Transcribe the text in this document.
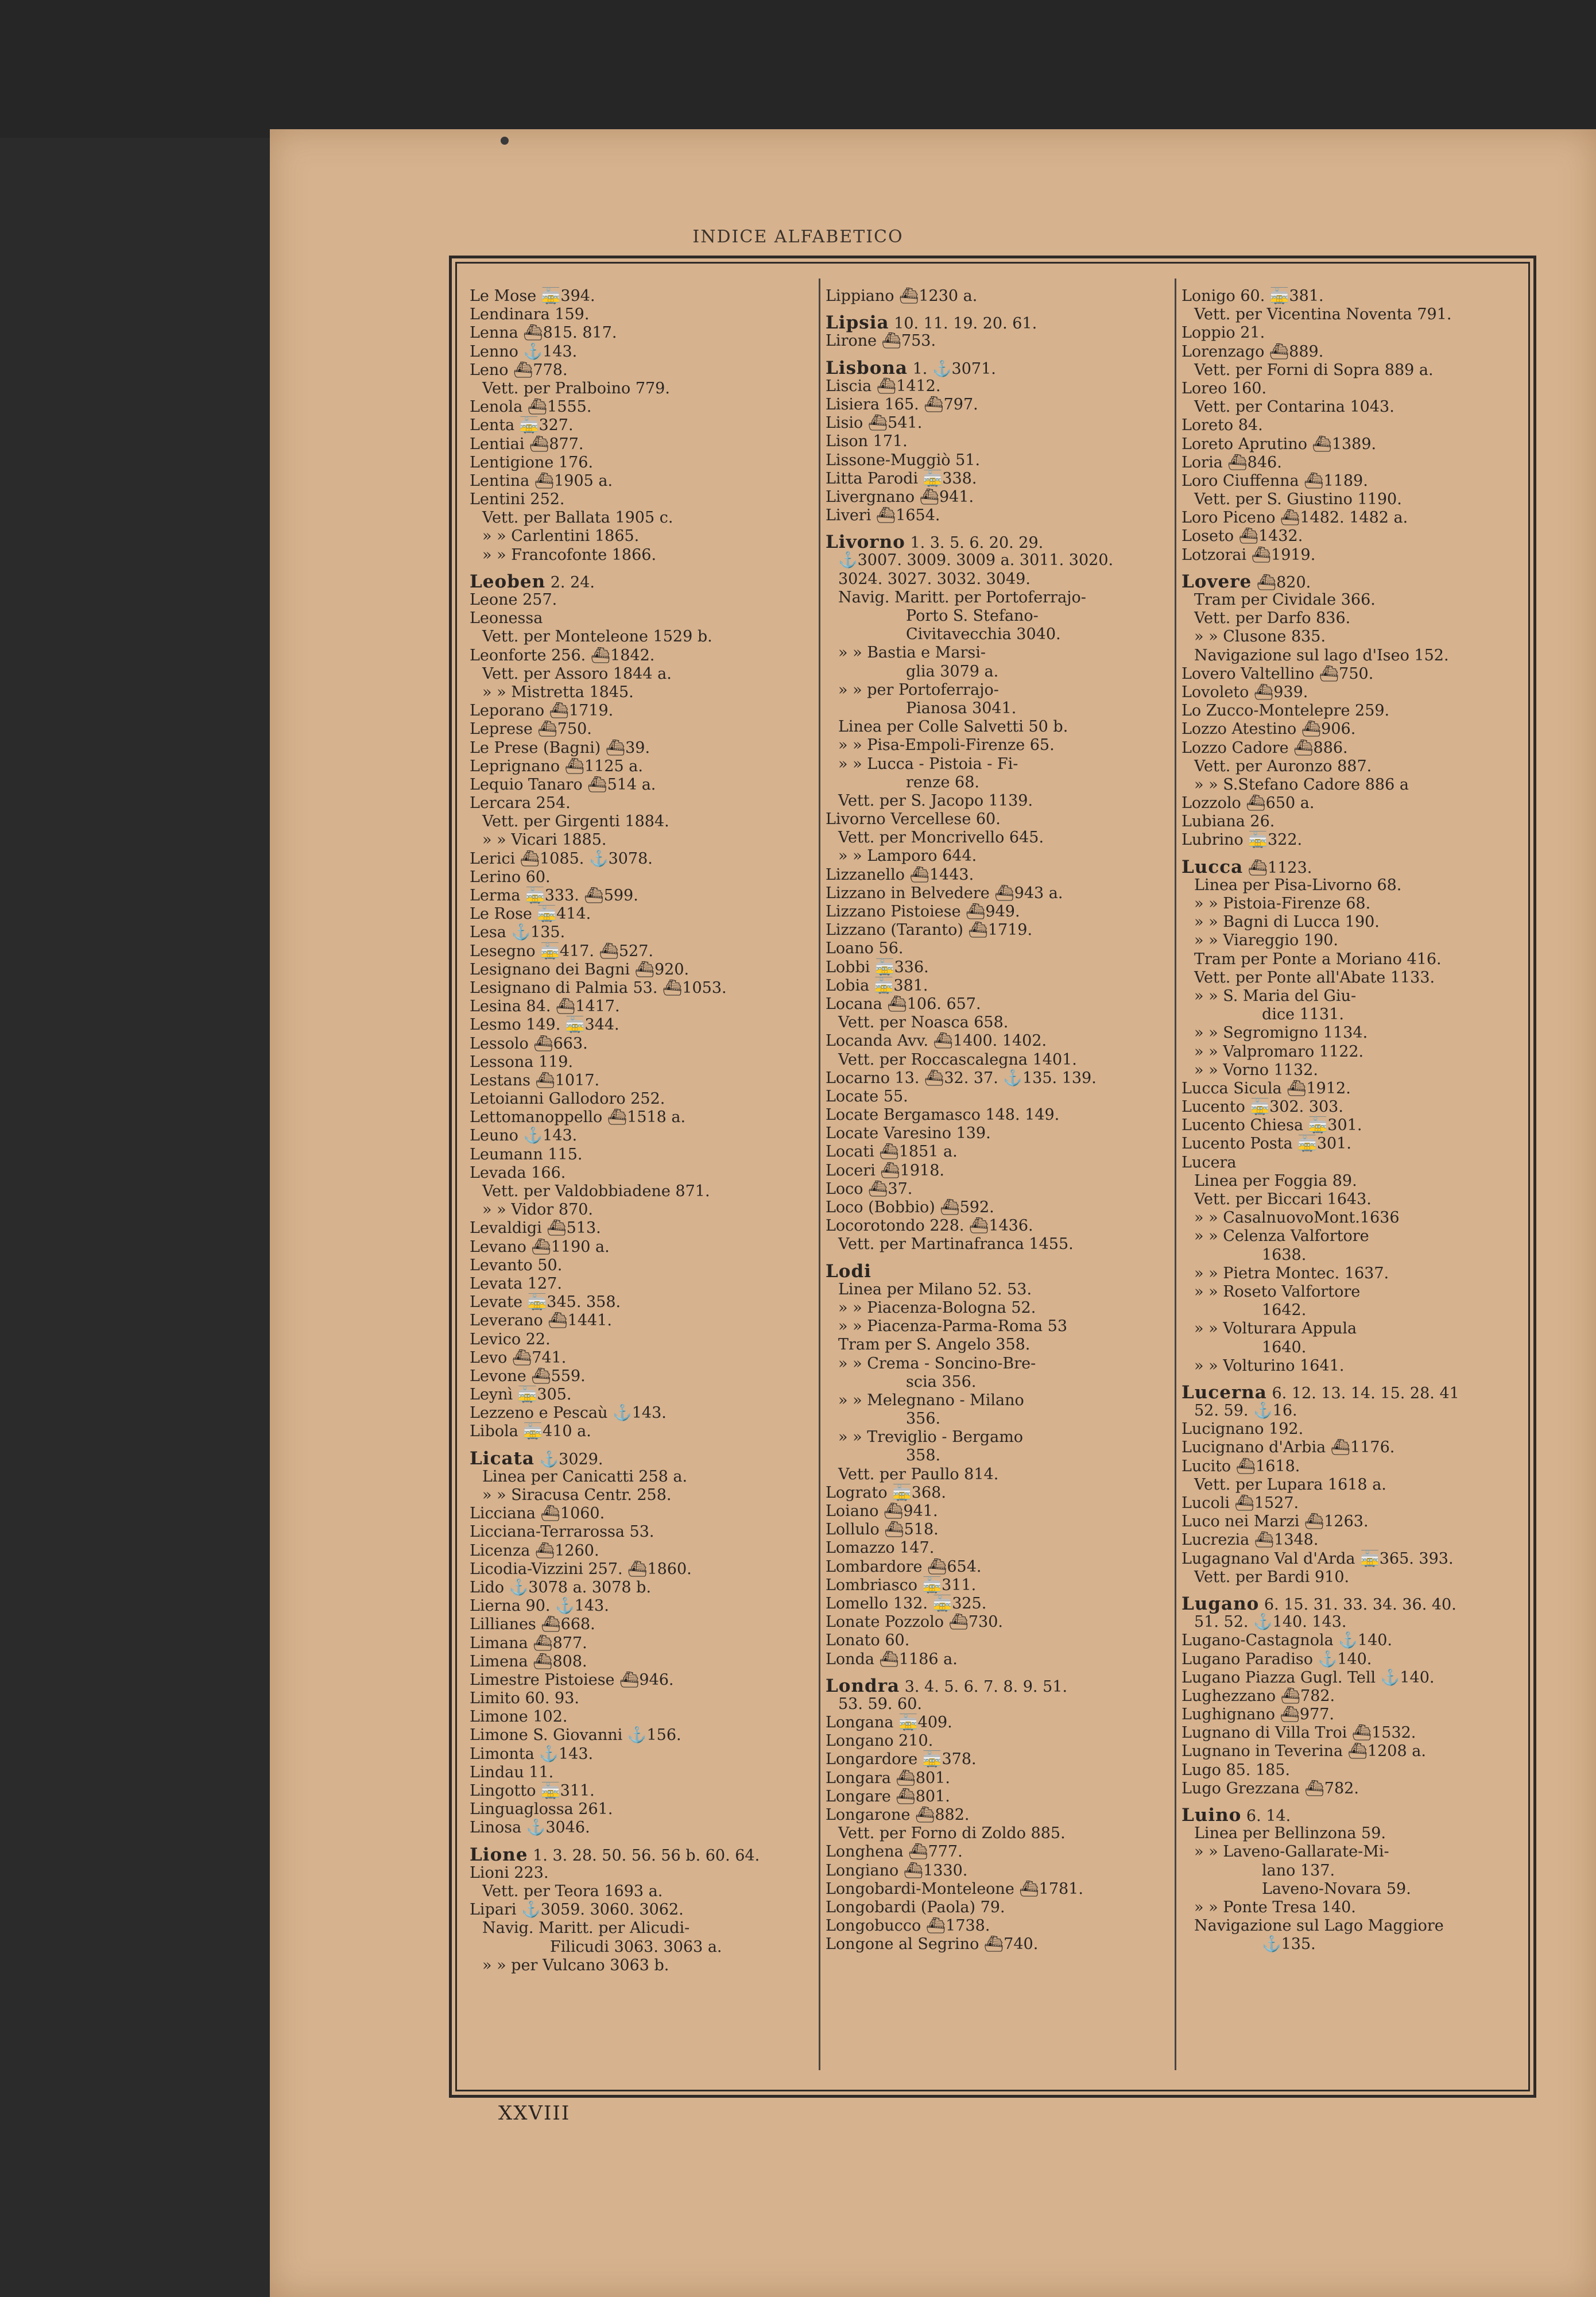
INDICE ALFABETICO
Le Mose 🚋394.
Lendinara 159.
Lenna ⛴815. 817.
Lenno ⚓143.
Leno ⛴778.
Vett. per Pralboino 779.
Lenola ⛴1555.
Lenta 🚋327.
Lentiai ⛴877.
Lentigione 176.
Lentina ⛴1905 a.
Lentini 252.
Vett. per Ballata 1905 c.
» » Carlentini 1865.
» » Francofonte 1866.
Leoben 2. 24.
Leone 257.
Leonessa
Vett. per Monteleone 1529 b.
Leonforte 256. ⛴1842.
Vett. per Assoro 1844 a.
» » Mistretta 1845.
Leporano ⛴1719.
Leprese ⛴750.
Le Prese (Bagni) ⛴39.
Leprignano ⛴1125 a.
Lequio Tanaro ⛴514 a.
Lercara 254.
Vett. per Girgenti 1884.
» » Vicari 1885.
Lerici ⛴1085. ⚓3078.
Lerino 60.
Lerma 🚋333. ⛴599.
Le Rose 🚋414.
Lesa ⚓135.
Lesegno 🚋417. ⛴527.
Lesignano dei Bagni ⛴920.
Lesignano di Palmia 53. ⛴1053.
Lesina 84. ⛴1417.
Lesmo 149. 🚋344.
Lessolo ⛴663.
Lessona 119.
Lestans ⛴1017.
Letoianni Gallodoro 252.
Lettomanoppello ⛴1518 a.
Leuno ⚓143.
Leumann 115.
Levada 166.
Vett. per Valdobbiadene 871.
» » Vidor 870.
Levaldigi ⛴513.
Levano ⛴1190 a.
Levanto 50.
Levata 127.
Levate 🚋345. 358.
Leverano ⛴1441.
Levico 22.
Levo ⛴741.
Levone ⛴559.
Leynì 🚋305.
Lezzeno e Pescaù ⚓143.
Libola 🚋410 a.
Licata ⚓3029.
Linea per Canicatti 258 a.
» » Siracusa Centr. 258.
Licciana ⛴1060.
Licciana-Terrarossa 53.
Licenza ⛴1260.
Licodia-Vizzini 257. ⛴1860.
Lido ⚓3078 a. 3078 b.
Lierna 90. ⚓143.
Lillianes ⛴668.
Limana ⛴877.
Limena ⛴808.
Limestre Pistoiese ⛴946.
Limito 60. 93.
Limone 102.
Limone S. Giovanni ⚓156.
Limonta ⚓143.
Lindau 11.
Lingotto 🚋311.
Linguaglossa 261.
Linosa ⚓3046.
Lione 1. 3. 28. 50. 56. 56 b. 60. 64.
Lioni 223.
Vett. per Teora 1693 a.
Lipari ⚓3059. 3060. 3062.
Navig. Maritt. per Alicudi-
Filicudi 3063. 3063 a.
» » per Vulcano 3063 b.
Lippiano ⛴1230 a.
Lipsia 10. 11. 19. 20. 61.
Lirone ⛴753.
Lisbona 1. ⚓3071.
Liscia ⛴1412.
Lisiera 165. ⛴797.
Lisio ⛴541.
Lison 171.
Lissone-Muggiò 51.
Litta Parodi 🚋338.
Livergnano ⛴941.
Liveri ⛴1654.
Livorno 1. 3. 5. 6. 20. 29.
⚓3007. 3009. 3009 a. 3011. 3020.
3024. 3027. 3032. 3049.
Navig. Maritt. per Portoferrajo-
Porto S. Stefano-
Civitavecchia 3040.
» » Bastia e Marsi-
glia 3079 a.
» » per Portoferrajo-
Pianosa 3041.
Linea per Colle Salvetti 50 b.
» » Pisa-Empoli-Firenze 65.
» » Lucca - Pistoia - Fi-
renze 68.
Vett. per S. Jacopo 1139.
Livorno Vercellese 60.
Vett. per Moncrivello 645.
» » Lamporo 644.
Lizzanello ⛴1443.
Lizzano in Belvedere ⛴943 a.
Lizzano Pistoiese ⛴949.
Lizzano (Taranto) ⛴1719.
Loano 56.
Lobbi 🚋336.
Lobia 🚋381.
Locana ⛴106. 657.
Vett. per Noasca 658.
Locanda Avv. ⛴1400. 1402.
Vett. per Roccascalegna 1401.
Locarno 13. ⛴32. 37. ⚓135. 139.
Locate 55.
Locate Bergamasco 148. 149.
Locate Varesino 139.
Locati ⛴1851 a.
Loceri ⛴1918.
Loco ⛴37.
Loco (Bobbio) ⛴592.
Locorotondo 228. ⛴1436.
Vett. per Martinafranca 1455.
Lodi
Linea per Milano 52. 53.
» » Piacenza-Bologna 52.
» » Piacenza-Parma-Roma 53
Tram per S. Angelo 358.
» » Crema - Soncino-Bre-
scia 356.
» » Melegnano - Milano
356.
» » Treviglio - Bergamo
358.
Vett. per Paullo 814.
Lograto 🚋368.
Loiano ⛴941.
Lollulo ⛴518.
Lomazzo 147.
Lombardore ⛴654.
Lombriasco 🚋311.
Lomello 132. 🚋325.
Lonate Pozzolo ⛴730.
Lonato 60.
Londa ⛴1186 a.
Londra 3. 4. 5. 6. 7. 8. 9. 51.
53. 59. 60.
Longana 🚋409.
Longano 210.
Longardore 🚋378.
Longara ⛴801.
Longare ⛴801.
Longarone ⛴882.
Vett. per Forno di Zoldo 885.
Longhena ⛴777.
Longiano ⛴1330.
Longobardi-Monteleone ⛴1781.
Longobardi (Paola) 79.
Longobucco ⛴1738.
Longone al Segrino ⛴740.
Lonigo 60. 🚋381.
Vett. per Vicentina Noventa 791.
Loppio 21.
Lorenzago ⛴889.
Vett. per Forni di Sopra 889 a.
Loreo 160.
Vett. per Contarina 1043.
Loreto 84.
Loreto Aprutino ⛴1389.
Loria ⛴846.
Loro Ciuffenna ⛴1189.
Vett. per S. Giustino 1190.
Loro Piceno ⛴1482. 1482 a.
Loseto ⛴1432.
Lotzorai ⛴1919.
Lovere ⛴820.
Tram per Cividale 366.
Vett. per Darfo 836.
» » Clusone 835.
Navigazione sul lago d'Iseo 152.
Lovero Valtellino ⛴750.
Lovoleto ⛴939.
Lo Zucco-Montelepre 259.
Lozzo Atestino ⛴906.
Lozzo Cadore ⛴886.
Vett. per Auronzo 887.
» » S.Stefano Cadore 886 a
Lozzolo ⛴650 a.
Lubiana 26.
Lubrino 🚋322.
Lucca ⛴1123.
Linea per Pisa-Livorno 68.
» » Pistoia-Firenze 68.
» » Bagni di Lucca 190.
» » Viareggio 190.
Tram per Ponte a Moriano 416.
Vett. per Ponte all'Abate 1133.
» » S. Maria del Giu-
dice 1131.
» » Segromigno 1134.
» » Valpromaro 1122.
» » Vorno 1132.
Lucca Sicula ⛴1912.
Lucento 🚋302. 303.
Lucento Chiesa 🚋301.
Lucento Posta 🚋301.
Lucera
Linea per Foggia 89.
Vett. per Biccari 1643.
» » CasalnuovoMont.1636
» » Celenza Valfortore
1638.
» » Pietra Montec. 1637.
» » Roseto Valfortore
1642.
» » Volturara Appula
1640.
» » Volturino 1641.
Lucerna 6. 12. 13. 14. 15. 28. 41
52. 59. ⚓16.
Lucignano 192.
Lucignano d'Arbia ⛴1176.
Lucito ⛴1618.
Vett. per Lupara 1618 a.
Lucoli ⛴1527.
Luco nei Marzi ⛴1263.
Lucrezia ⛴1348.
Lugagnano Val d'Arda 🚋365. 393.
Vett. per Bardi 910.
Lugano 6. 15. 31. 33. 34. 36. 40.
51. 52. ⚓140. 143.
Lugano-Castagnola ⚓140.
Lugano Paradiso ⚓140.
Lugano Piazza Gugl. Tell ⚓140.
Lughezzano ⛴782.
Lughignano ⛴977.
Lugnano di Villa Troi ⛴1532.
Lugnano in Teverina ⛴1208 a.
Lugo 85. 185.
Lugo Grezzana ⛴782.
Luino 6. 14.
Linea per Bellinzona 59.
» » Laveno-Gallarate-Mi-
lano 137.
Laveno-Novara 59.
» » Ponte Tresa 140.
Navigazione sul Lago Maggiore
⚓135.
XXVIII
